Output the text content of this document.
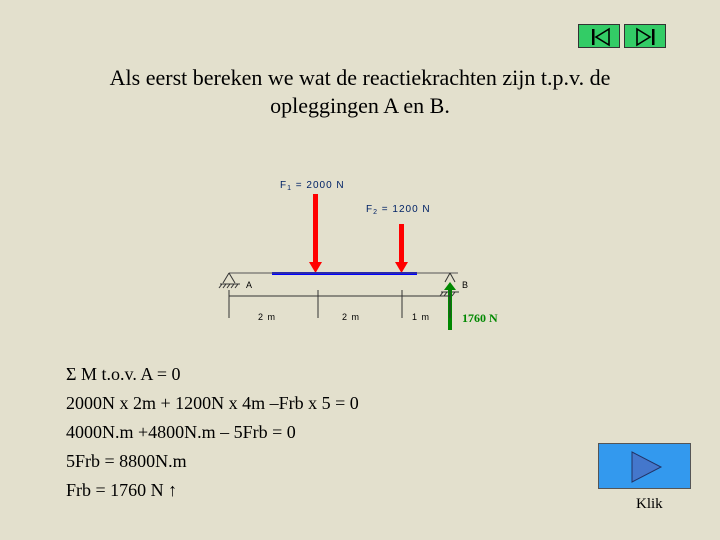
Als eerst bereken we wat de reactiekrachten zijn t.p.v. de
opleggingen A en B.
$F_1 = 2000$ N
$F_2 = 1200$ N
A	B
1760 N
2 m	2 m	1 m
Σ M t.o.v. A = 0
2000N x 2m + 1200N x 4m –Frb x 5 = 0
4000N.m +4800N.m – 5Frb = 0
5Frb = 8800N.m
Frb = 1760 N ↑
Klik
